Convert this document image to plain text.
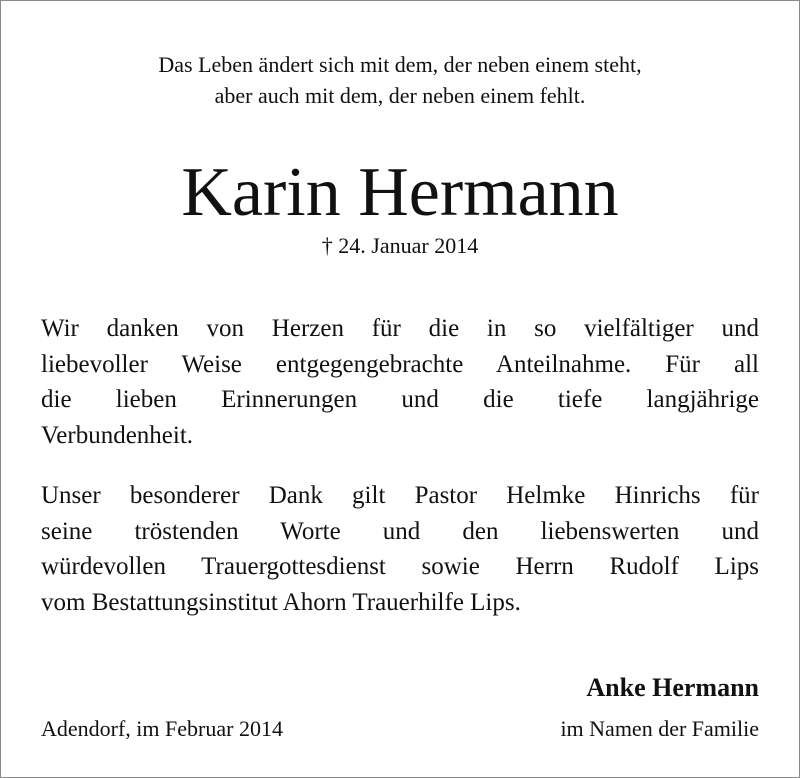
Das Leben ändert sich mit dem, der neben einem steht,
aber auch mit dem, der neben einem fehlt.
Karin Hermann
† 24. Januar 2014
Wir danken von Herzen für die in so vielfältiger und
liebevoller Weise entgegengebrachte Anteilnahme. Für all
die lieben Erinnerungen und die tiefe langjährige
Verbundenheit.
Unser besonderer Dank gilt Pastor Helmke Hinrichs für
seine tröstenden Worte und den liebenswerten und
würdevollen Trauergottesdienst sowie Herrn Rudolf Lips
vom Bestattungsinstitut Ahorn Trauerhilfe Lips.
Anke Hermann
Adendorf, im Februar 2014	im Namen der Familie
